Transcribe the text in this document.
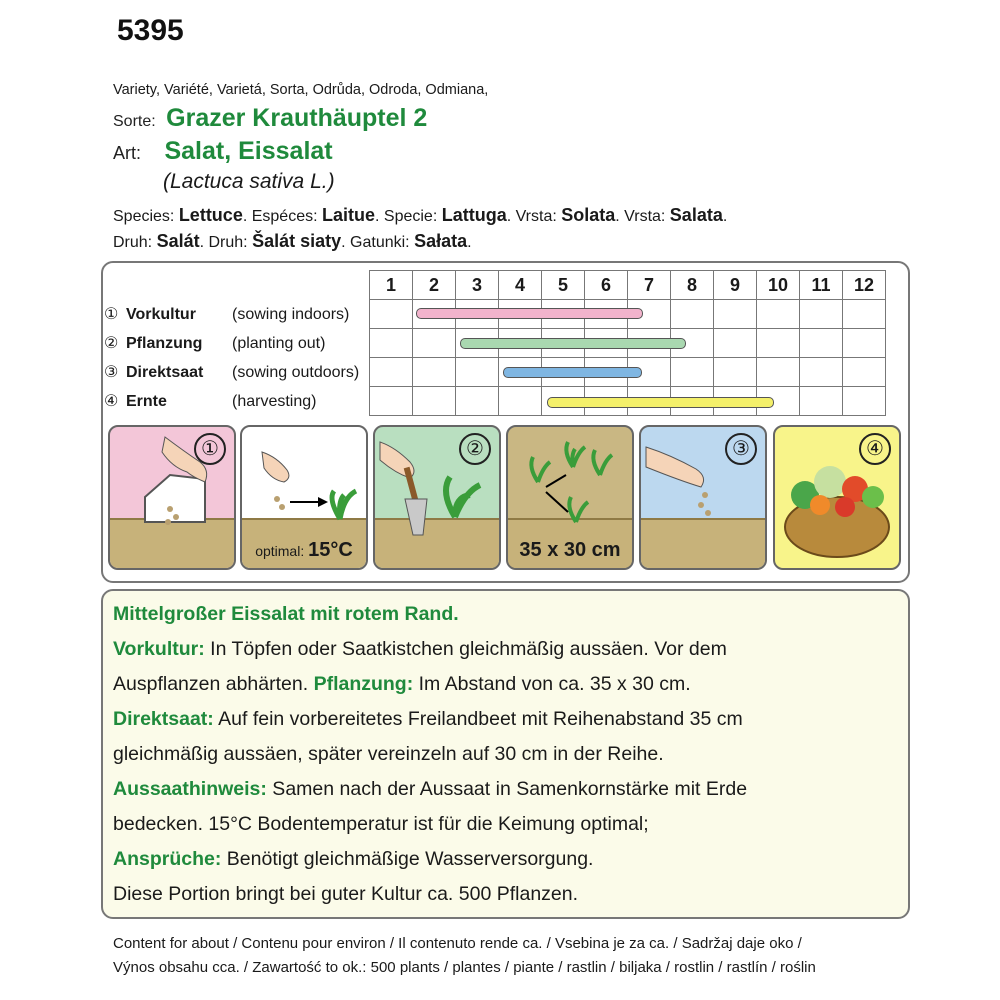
5395
Variety, Variété, Varietá, Sorta, Odrůda, Odroda, Odmiana,
Sorte: Grazer Krauthäuptel 2
Art: Salat, Eissalat
(Lactuca sativa L.)
Species: Lettuce. Espéces: Laitue. Specie: Lattuga. Vrsta: Solata. Vrsta: Salata.
Druh: Salát. Druh: Šalát siaty. Gatunki: Sałata.
	1	2	3	4	5	6	7	8	9	10	11	12
① Vorkultur (sowing indoors)												
② Pflanzung (planting out)												
③ Direktsaat (sowing outdoors)												
④ Ernte (harvesting)												
①
optimal: 15°C
②
35 x 30 cm
③	④
Mittelgroßer Eissalat mit rotem Rand.
Vorkultur: In Töpfen oder Saatkistchen gleichmäßig aussäen. Vor dem
Auspflanzen abhärten. Pflanzung: Im Abstand von ca. 35 x 30 cm.
Direktsaat: Auf fein vorbereitetes Freilandbeet mit Reihenabstand 35 cm
gleichmäßig aussäen, später vereinzeln auf 30 cm in der Reihe.
Aussaathinweis: Samen nach der Aussaat in Samenkornstärke mit Erde
bedecken. 15°C Bodentemperatur ist für die Keimung optimal;
Ansprüche: Benötigt gleichmäßige Wasserversorgung.
Diese Portion bringt bei guter Kultur ca. 500 Pflanzen.
Content for about / Contenu pour environ / Il contenuto rende ca. / Vsebina je za ca. / Sadržaj daje oko /
Výnos obsahu cca. / Zawartość to ok.: 500 plants / plantes / piante / rastlin / biljaka / rostlin / rastlín / roślin
